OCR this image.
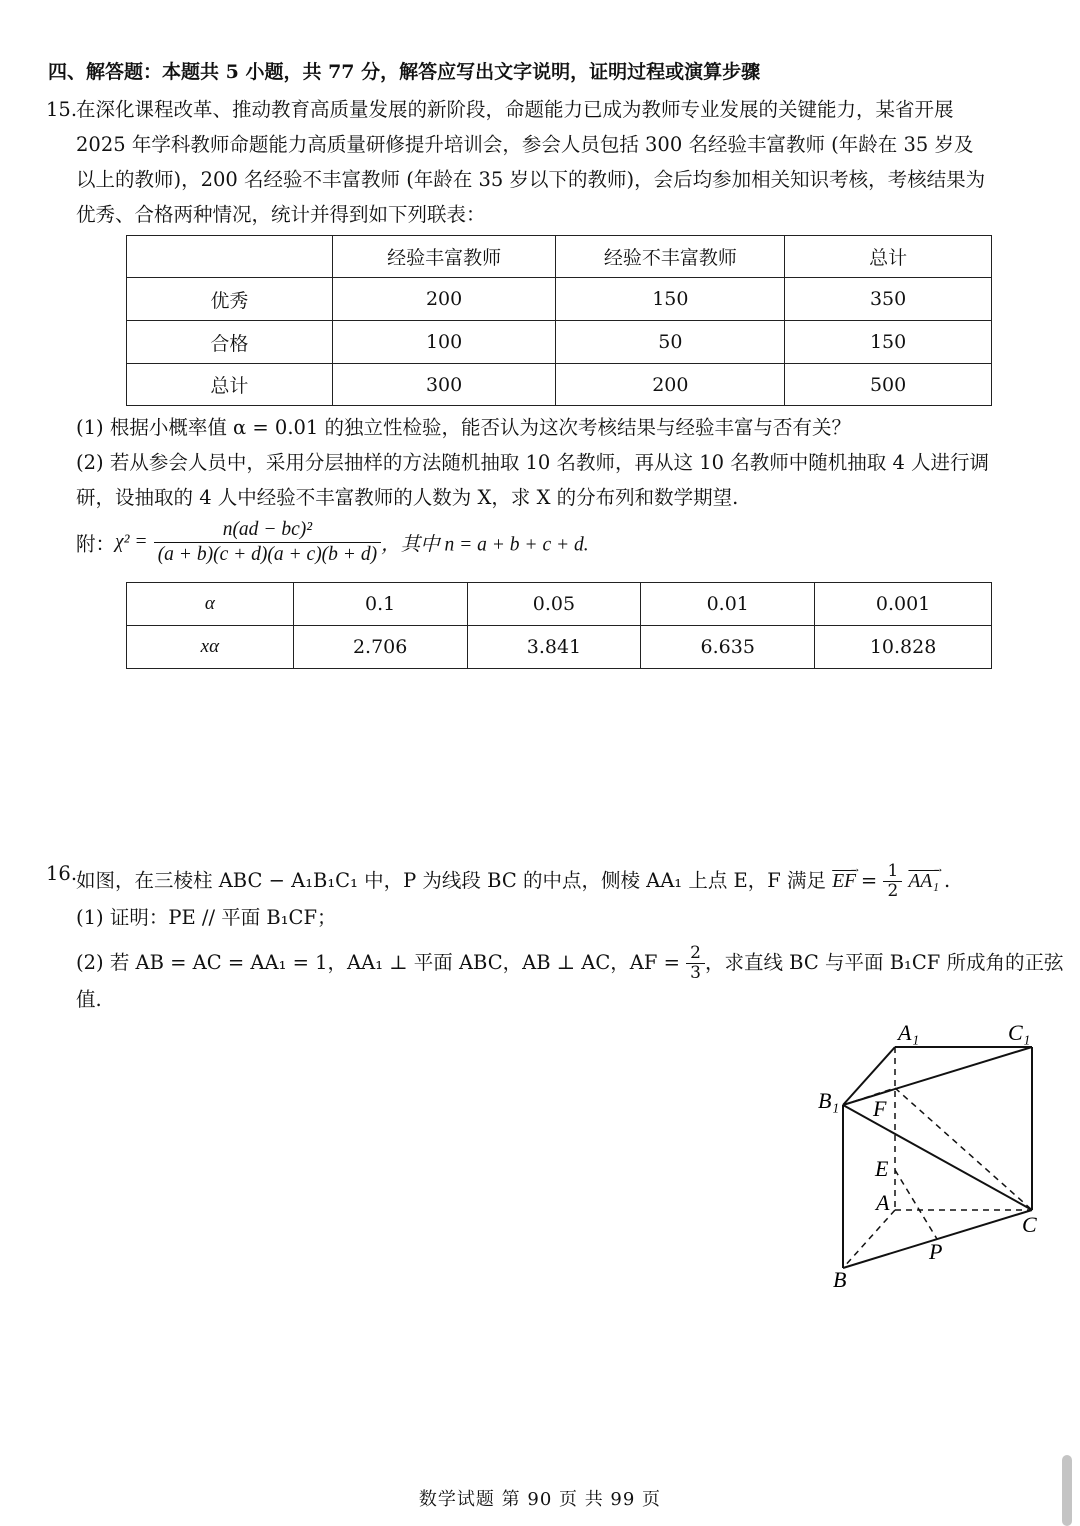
四、解答题：本题共 5 小题，共 77 分，解答应写出文字说明，证明过程或演算步骤
15.
在深化课程改革、推动教育高质量发展的新阶段，命题能力已成为教师专业发展的关键能力，某省开展
2025 年学科教师命题能力高质量研修提升培训会，参会人员包括 300 名经验丰富教师 (年龄在 35 岁及
以上的教师)，200 名经验不丰富教师 (年龄在 35 岁以下的教师)，会后均参加相关知识考核，考核结果为
优秀、合格两种情况，统计并得到如下列联表：
	经验丰富教师	经验不丰富教师	总计
优秀	200	150	350
合格	100	50	150
总计	300	200	500
(1) 根据小概率值 α = 0.01 的独立性检验，能否认为这次考核结果与经验丰富与否有关？
(2) 若从参会人员中，采用分层抽样的方法随机抽取 10 名教师，再从这 10 名教师中随机抽取 4 人进行调
研，设抽取的 4 人中经验不丰富教师的人数为 X，求 X 的分布列和数学期望.
附：$\chi^2 = \frac{\text{n(ad − bc)²}}{(a + b)(c + d)(a + c)(b + d)}$ ，其中 n = a + b + c + d.
α	0.1	0.05	0.01	0.001
xα	2.706	3.841	6.635	10.828
16.
如图，在三棱柱 ABC − A₁B₁C₁ 中，P 为线段 BC 的中点，侧棱 AA₁ 上点 E，F 满足
→
$\overline{EF} = \frac{1}{2}$
	→
AA₁ .
(1) 证明：PE // 平面 B₁CF；
(2) 若 AB = AC = AA₁ = 1，AA₁ ⊥ 平面 ABC，AB ⊥ AC，AF = $\frac{2}{3}$ ，求直线 BC 与平面 B₁CF 所成角的正弦
值.
A₁	C₁
B₁ F
E
A
C
P
B
数学试题 第 90 页 共 99 页
